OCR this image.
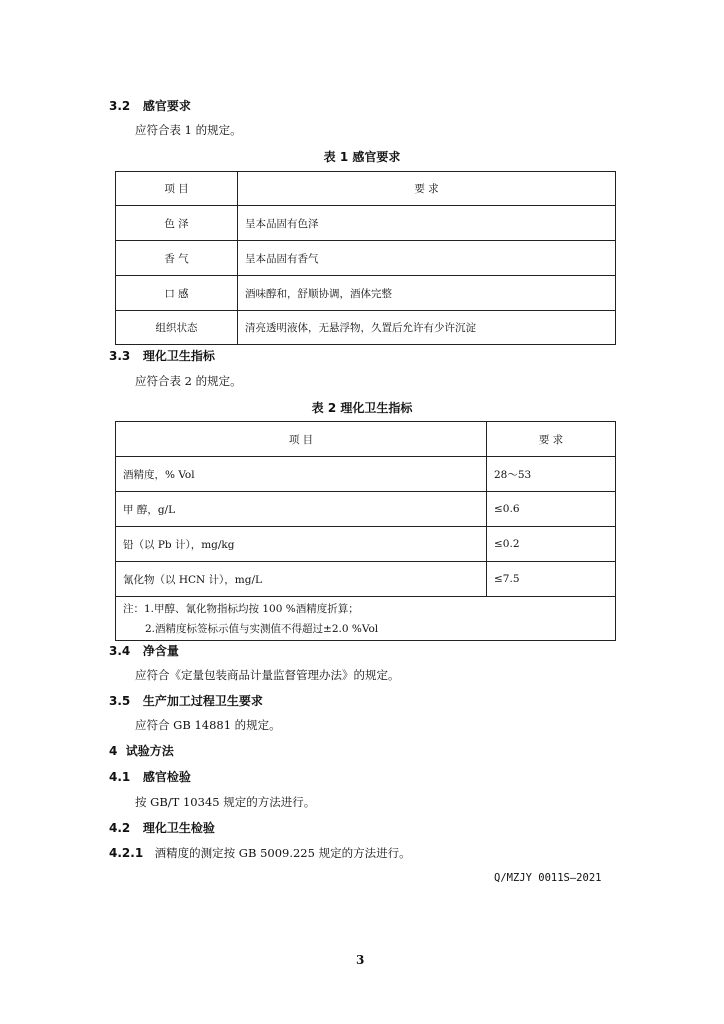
3.2 感官要求
应符合表 1 的规定。
表 1 感官要求
项 目	要 求
色 泽	呈本品固有色泽
香 气	呈本品固有香气
口 感	酒味醇和，舒顺协调，酒体完整
组织状态	清亮透明液体，无悬浮物，久置后允许有少许沉淀
3.3 理化卫生指标
应符合表 2 的规定。
表 2 理化卫生指标
项 目	要 求
酒精度，% Vol	28～53
甲 醇，g/L	≤0.6
铅（以 Pb 计），mg/kg	≤0.2
氰化物（以 HCN 计），mg/L	≤7.5

注：1.甲醇、氰化物指标均按 100 %酒精度折算；
2.酒精度标签标示值与实测值不得超过±2.0 %Vol	
3.4 净含量
应符合《定量包装商品计量监督管理办法》的规定。
3.5 生产加工过程卫生要求
应符合 GB 14881 的规定。
4 试验方法
4.1 感官检验
按 GB/T 10345 规定的方法进行。
4.2 理化卫生检验
4.2.1 酒精度的测定按 GB 5009.225 规定的方法进行。
Q/MZJY 0011S—2021
3
